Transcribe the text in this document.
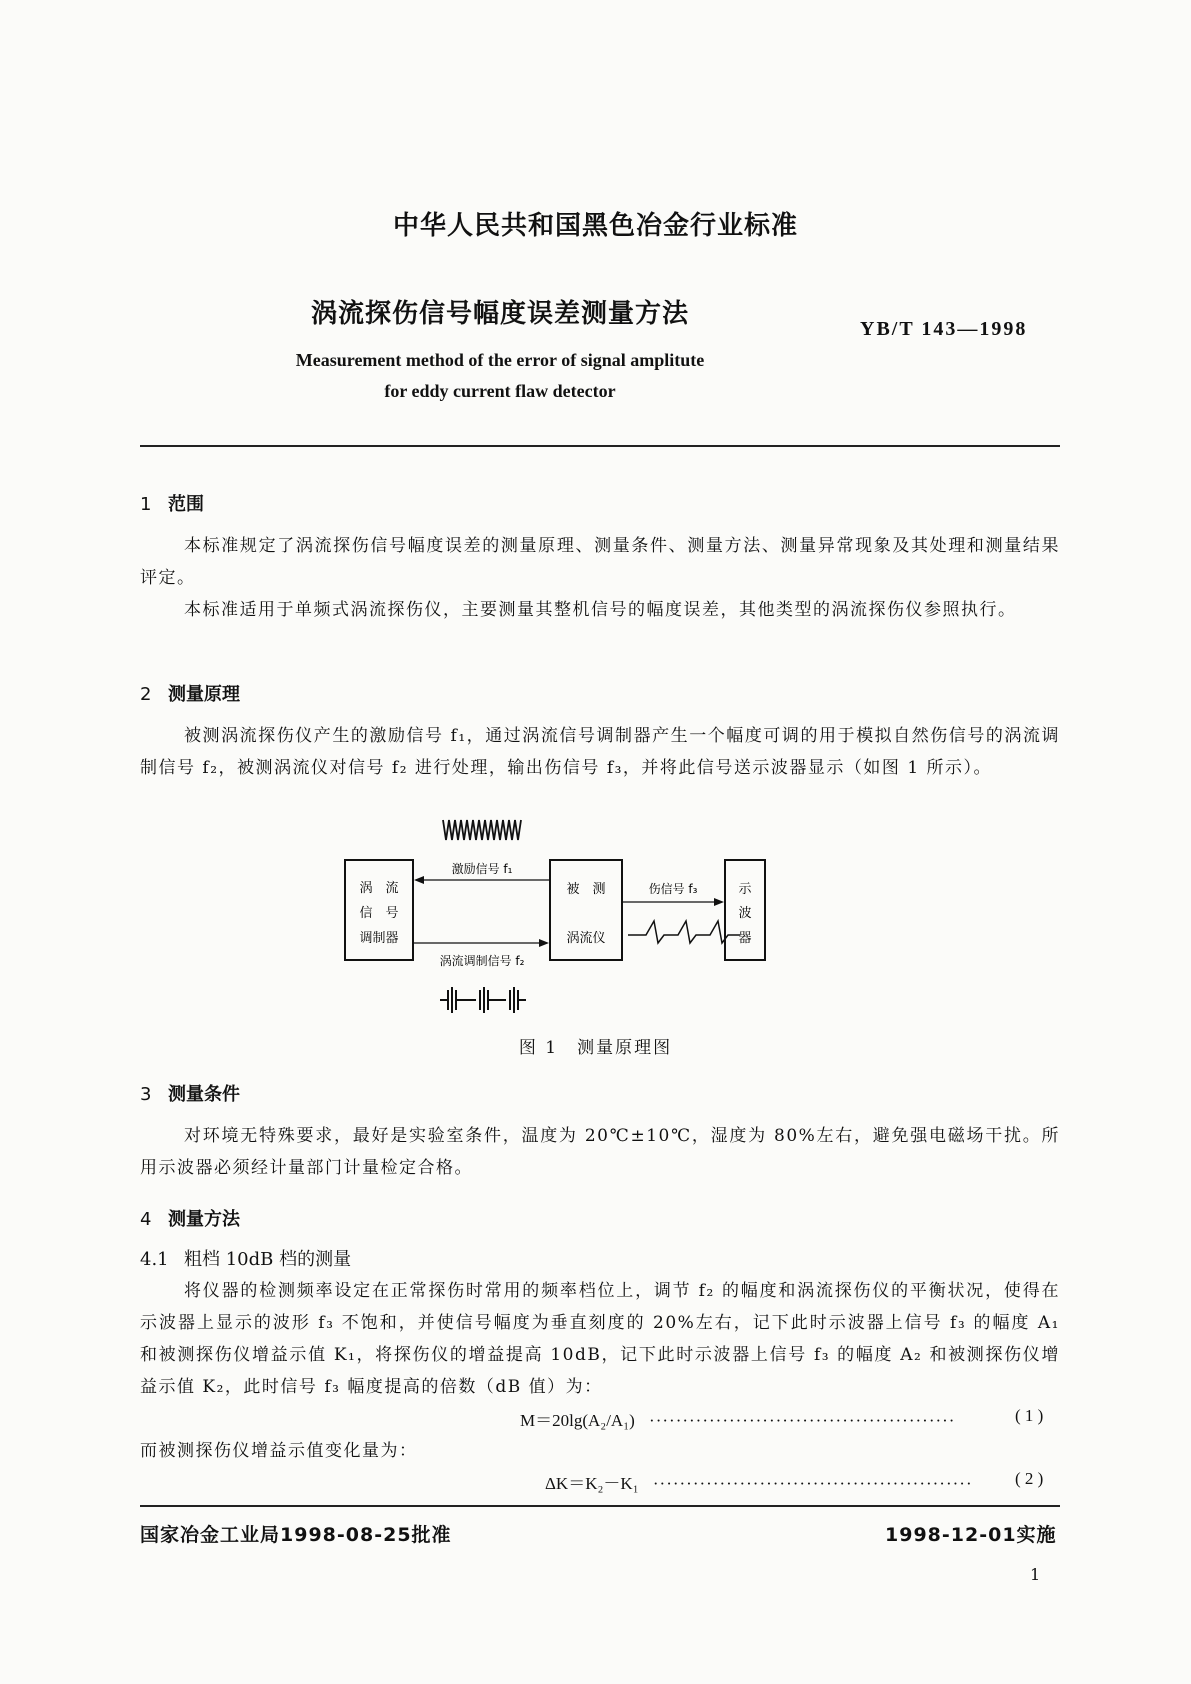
中华人民共和国黑色冶金行业标准
涡流探伤信号幅度误差测量方法	YB/T 143—1998
Measurement method of the error of signal amplitute
for eddy current flaw detector
1 范围

本标准规定了涡流探伤信号幅度误差的测量原理、测量条件、测量方法、测量异常现象及其处理和测量结果评定。

本标准适用于单频式涡流探伤仪，主要测量其整机信号的幅度误差，其他类型的涡流探伤仪参照执行。

2 测量原理

被测涡流探伤仪产生的激励信号 f₁，通过涡流信号调制器产生一个幅度可调的用于模拟自然伤信号的涡流调制信号 f₂，被测涡流仪对信号 f₂ 进行处理，输出伤信号 f₃，并将此信号送示波器显示（如图 1 所示）。

涡　流
信　号
调制器
被　测
涡流仪
示
波
器
激励信号 f₁
涡流调制信号 f₂
伤信号 f₃
图 1　测量原理图
3 测量条件

对环境无特殊要求，最好是实验室条件，温度为 20℃±10℃，湿度为 80%左右，避免强电磁场干扰。所用示波器必须经计量部门计量检定合格。

4 测量方法
4.1 粗档 10dB 档的测量

将仪器的检测频率设定在正常探伤时常用的频率档位上，调节 f₂ 的幅度和涡流探伤仪的平衡状况，使得在示波器上显示的波形 f₃ 不饱和，并使信号幅度为垂直刻度的 20%左右，记下此时示波器上信号 f₃ 的幅度 A₁ 和被测探伤仪增益示值 K₁，将探伤仪的增益提高 10dB，记下此时示波器上信号 f₃ 的幅度 A₂ 和被测探伤仪增益示值 K₂，此时信号 f₃ 幅度提高的倍数（dB 值）为：

M＝20lg(A₂/A₁) ··············································	( 1 )

而被测探伤仪增益示值变化量为：

ΔK＝K₂－K₁ ················································ ( 2 )
国家冶金工业局1998-08-25批准	1998-12-01实施
1
